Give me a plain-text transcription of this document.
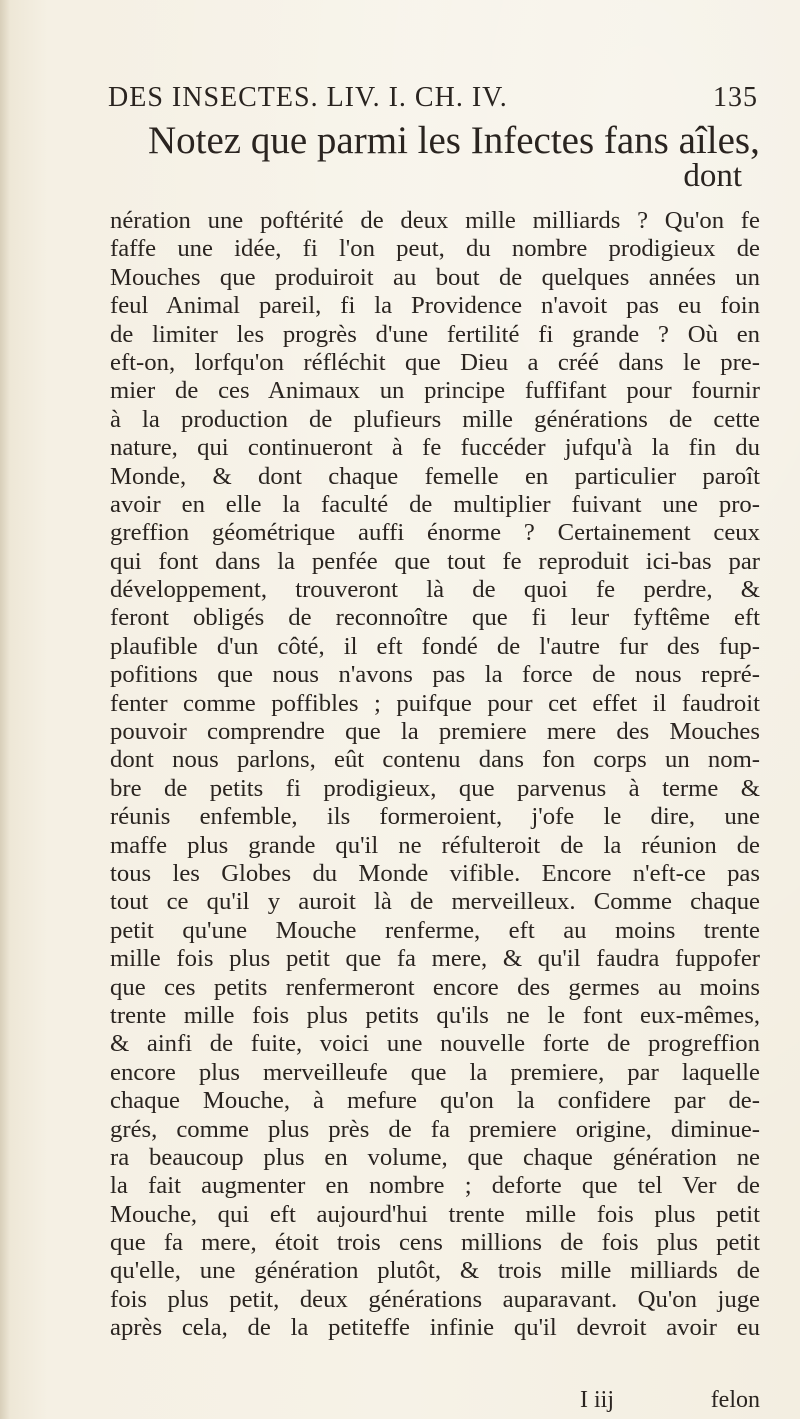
DES INSECTES. LIV. I. CH. IV.	135
Notez que parmi les Infectes fans aîles,
dont
nération une poftérité de deux mille milliards ? Qu'on fe
faffe une idée, fi l'on peut, du nombre prodigieux de
Mouches que produiroit au bout de quelques années un
feul Animal pareil, fi la Providence n'avoit pas eu foin
de limiter les progrès d'une fertilité fi grande ? Où en
eft-on, lorfqu'on réfléchit que Dieu a créé dans le pre-
mier de ces Animaux un principe fuffifant pour fournir
à la production de plufieurs mille générations de cette
nature, qui continueront à fe fuccéder jufqu'à la fin du
Monde, & dont chaque femelle en particulier paroît
avoir en elle la faculté de multiplier fuivant une pro-
greffion géométrique auffi énorme ? Certainement ceux
qui font dans la penfée que tout fe reproduit ici-bas par
développement, trouveront là de quoi fe perdre, &
feront obligés de reconnoître que fi leur fyftême eft
plaufible d'un côté, il eft fondé de l'autre fur des fup-
pofitions que nous n'avons pas la force de nous repré-
fenter comme poffibles ; puifque pour cet effet il faudroit
pouvoir comprendre que la premiere mere des Mouches
dont nous parlons, eût contenu dans fon corps un nom-
bre de petits fi prodigieux, que parvenus à terme &
réunis enfemble, ils formeroient, j'ofe le dire, une
maffe plus grande qu'il ne réfulteroit de la réunion de
tous les Globes du Monde vifible. Encore n'eft-ce pas
tout ce qu'il y auroit là de merveilleux. Comme chaque
petit qu'une Mouche renferme, eft au moins trente
mille fois plus petit que fa mere, & qu'il faudra fuppofer
que ces petits renfermeront encore des germes au moins
trente mille fois plus petits qu'ils ne le font eux-mêmes,
& ainfi de fuite, voici une nouvelle forte de progreffion
encore plus merveilleufe que la premiere, par laquelle
chaque Mouche, à mefure qu'on la confidere par de-
grés, comme plus près de fa premiere origine, diminue-
ra beaucoup plus en volume, que chaque génération ne
la fait augmenter en nombre ; deforte que tel Ver de
Mouche, qui eft aujourd'hui trente mille fois plus petit
que fa mere, étoit trois cens millions de fois plus petit
qu'elle, une génération plutôt, & trois mille milliards de
fois plus petit, deux générations auparavant. Qu'on juge
après cela, de la petiteffe infinie qu'il devroit avoir eu
I iij	felon
